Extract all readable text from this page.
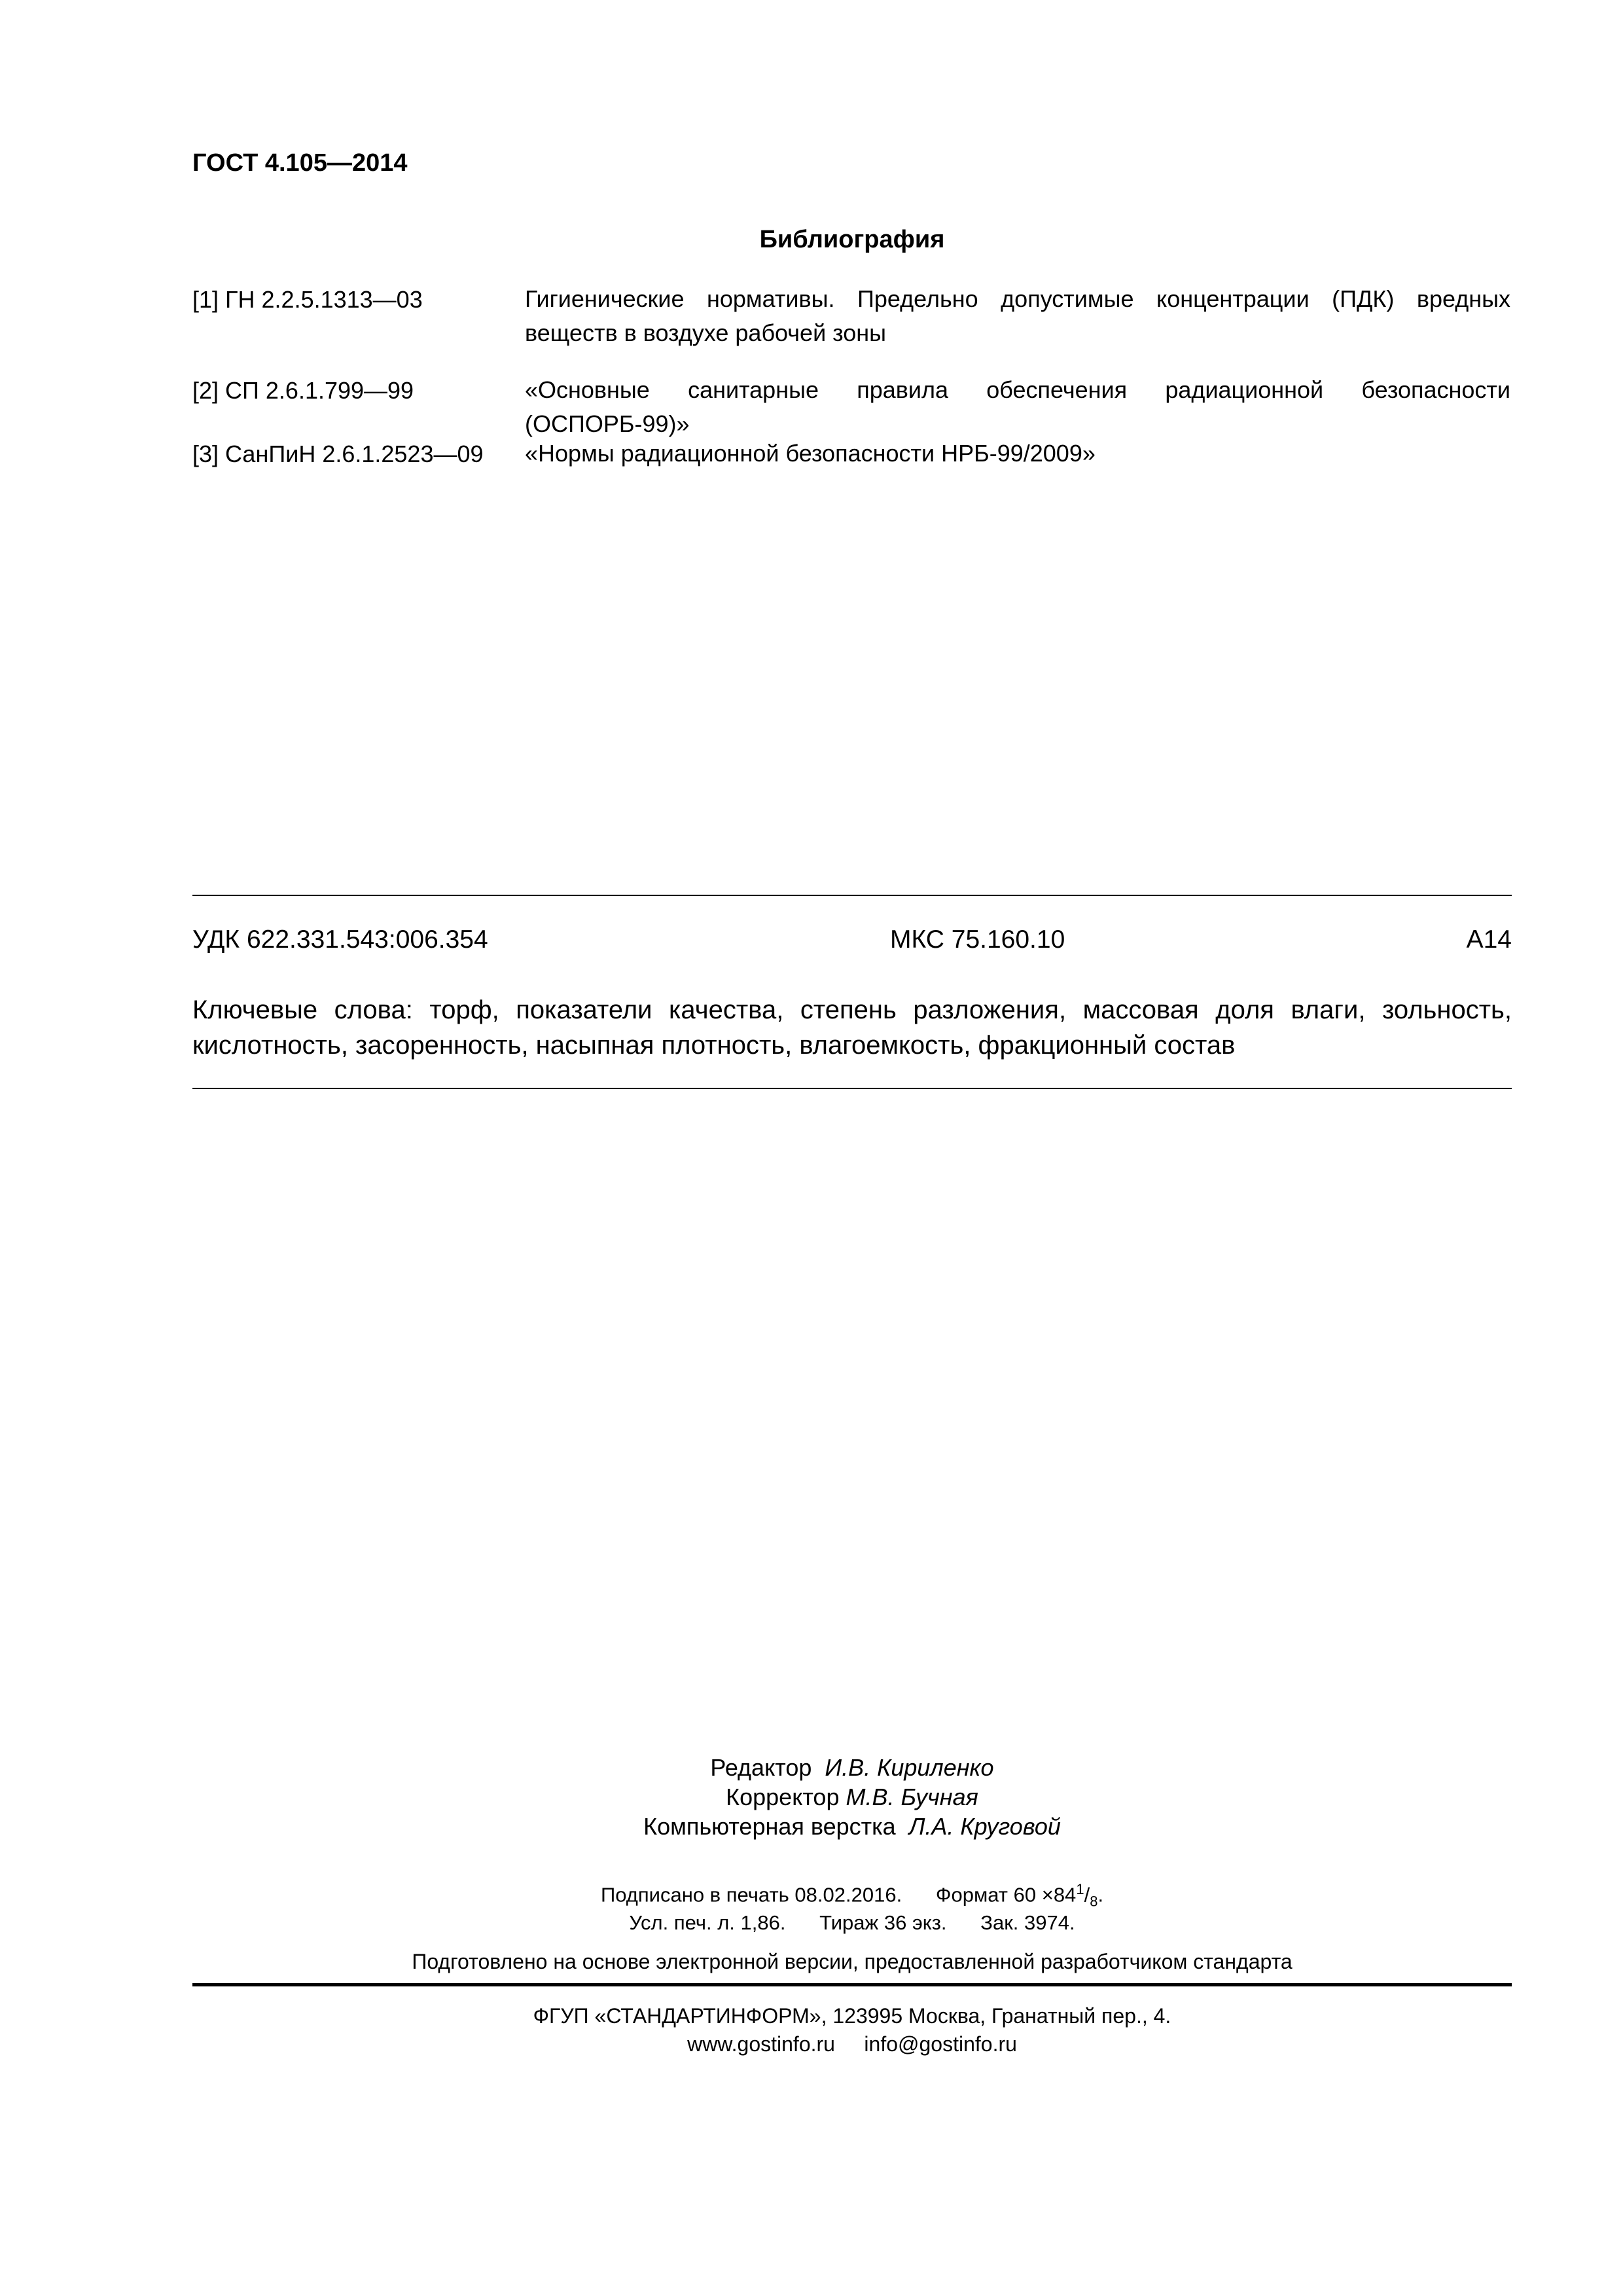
ГОСТ 4.105—2014
Библиография
[1] ГН 2.2.5.1313—03	Гигиенические нормативы. Предельно допустимые концентрации (ПДК) вредных веществ в воздухе рабочей зоны
[2] СП 2.6.1.799—99	«Основные санитарные правила обеспечения радиационной безопасности (ОСПОРБ-99)»
[3] СанПиН 2.6.1.2523—09 «Нормы радиационной безопасности НРБ-99/2009»
УДК 622.331.543:006.354	МКС 75.160.10	А14
Ключевые слова: торф, показатели качества, степень разложения, массовая доля влаги, зольность,
кислотность, засоренность, насыпная плотность, влагоемкость, фракционный состав
Редактор И.В. Кириленко
Корректор М.В. Бучная
Компьютерная верстка Л.А. Круговой
Подписано в печать 08.02.2016. Формат $60 \times 84^1/_8$.
Усл. печ. л. 1,86. Тираж 36 экз. Зак. 3974.
Подготовлено на основе электронной версии, предоставленной разработчиком стандарта
ФГУП «СТАНДАРТИНФОРМ», 123995 Москва, Гранатный пер., 4.
www.gostinfo.ru info@gostinfo.ru
